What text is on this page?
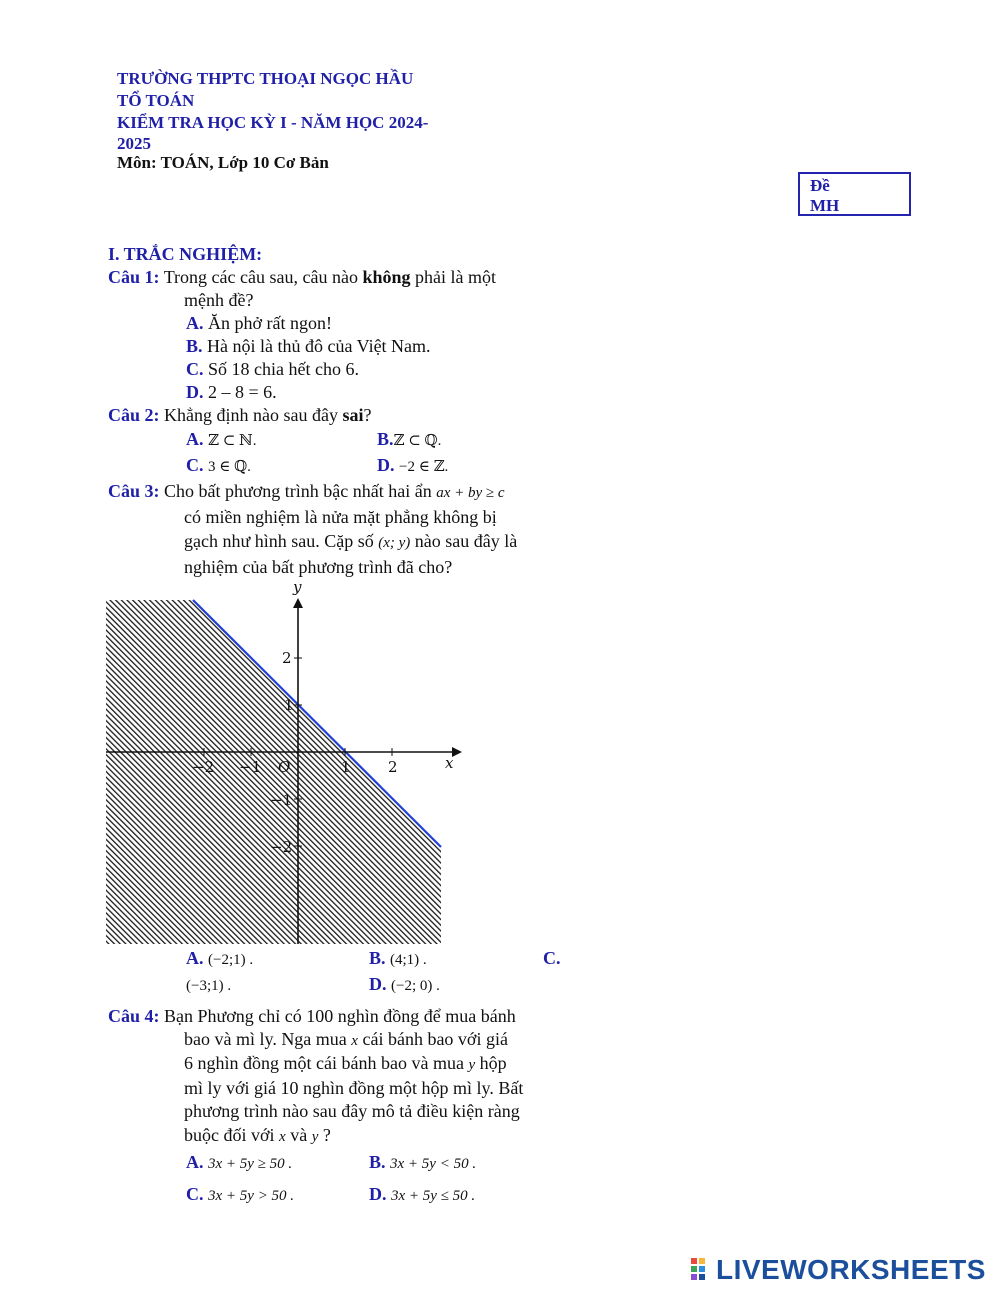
TRƯỜNG THPTC THOẠI NGỌC HẦU
TỔ TOÁN
KIỂM TRA HỌC KỲ I - NĂM HỌC 2024-
2025
Môn: TOÁN, Lớp 10 Cơ Bản
Đề
MH
I. TRẮC NGHIỆM:
Câu 1: Trong các câu sau, câu nào không phải là một
mệnh đề?
A. Ăn phở rất ngon!
B. Hà nội là thủ đô của Việt Nam.
C. Số 18 chia hết cho 6.
D. 2 – 8 = 6.
Câu 2: Khẳng định nào sau đây sai?
A. ℤ ⊂ ℕ.	B.ℤ ⊂ ℚ.
C. 3 ∈ ℚ.	D. −2 ∈ ℤ.
Câu 3: Cho bất phương trình bậc nhất hai ẩn ax + by ≥ c
có miền nghiệm là nửa mặt phẳng không bị
gạch như hình sau. Cặp số (x; y) nào sau đây là
nghiệm của bất phương trình đã cho?
−2 −1 O	1 2	x
y
2
1
−1
−2
A. (−2;1) .	B. (4;1) .	C.
(−3;1) .	D. (−2; 0) .
Câu 4: Bạn Phương chỉ có 100 nghìn đồng để mua bánh
bao và mì ly. Nga mua x cái bánh bao với giá
6 nghìn đồng một cái bánh bao và mua y hộp
mì ly với giá 10 nghìn đồng một hộp mì ly. Bất
phương trình nào sau đây mô tả điều kiện ràng
buộc đối với x và y ?
A. 3x + 5y ≥ 50 .	B. 3x + 5y < 50 .
C. 3x + 5y > 50 .	D. 3x + 5y ≤ 50 .
LIVEWORKSHEETS
